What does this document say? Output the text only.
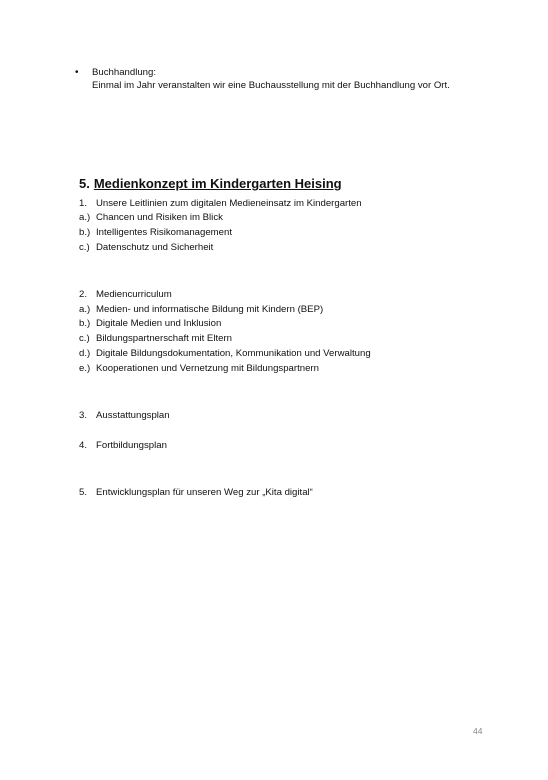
• Buchhandlung:
Einmal im Jahr veranstalten wir eine Buchausstellung mit der Buchhandlung vor Ort.
5. Medienkonzept im Kindergarten Heising
1. Unsere Leitlinien zum digitalen Medieneinsatz im Kindergarten
a.) Chancen und Risiken im Blick
b.) Intelligentes Risikomanagement
c.) Datenschutz und Sicherheit
2. Mediencurriculum
a.) Medien- und informatische Bildung mit Kindern (BEP)
b.) Digitale Medien und Inklusion
c.) Bildungspartnerschaft mit Eltern
d.) Digitale Bildungsdokumentation, Kommunikation und Verwaltung
e.) Kooperationen und Vernetzung mit Bildungspartnern
3. Ausstattungsplan
4. Fortbildungsplan
5. Entwicklungsplan für unseren Weg zur „Kita digital“
44
